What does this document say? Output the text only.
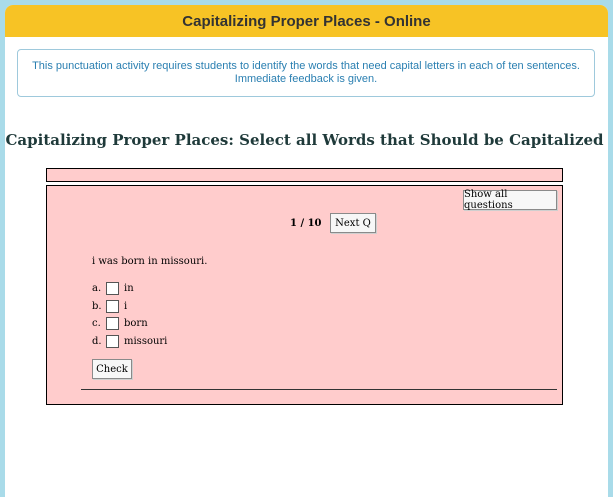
Capitalizing Proper Places - Online
This punctuation activity requires students to identify the words that need capital letters in each of ten sentences.
Immediate feedback is given.
Capitalizing Proper Places: Select all Words that Should be Capitalized
Show all questions
1 / 10	Next Q
i was born in missouri.
a.	in
b.	i
c.	born
d.	missouri
Check
